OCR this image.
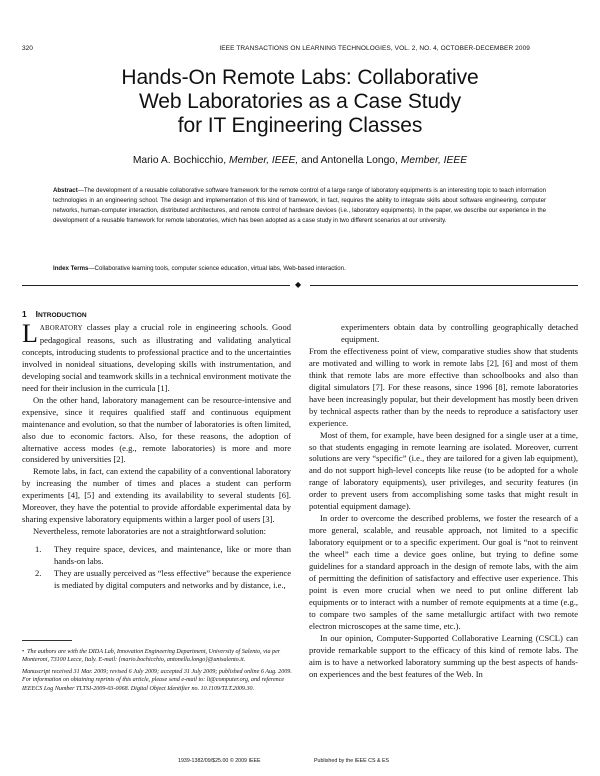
320	IEEE TRANSACTIONS ON LEARNING TECHNOLOGIES, VOL. 2, NO. 4, OCTOBER-DECEMBER 2009
Hands-On Remote Labs: Collaborative
Web Laboratories as a Case Study
for IT Engineering Classes
Mario A. Bochicchio, Member, IEEE, and Antonella Longo, Member, IEEE
Abstract—The development of a reusable collaborative software framework for the remote control of a large range of laboratory equipments is an interesting topic to teach information technologies in an engineering school. The design and implementation of this kind of framework, in fact, requires the ability to integrate skills about software engineering, computer networks, human-computer interaction, distributed architectures, and remote control of hardware devices (i.e., laboratory equipments). In the paper, we describe our experience in the development of a reusable framework for remote laboratories, which has been adopted as a case study in two different scenarios at our university.
Index Terms—Collaborative learning tools, computer science education, virtual labs, Web-based interaction.
◆
1 INTRODUCTION

LABORATORY classes play a crucial role in engineering schools. Good pedagogical reasons, such as illustrating and validating analytical concepts, introducing students to professional practice and to the uncertainties involved in nonideal situations, developing skills with instrumentation, and developing social and teamwork skills in a technical environment motivate the need for their inclusion in the curricula [1].

On the other hand, laboratory management can be resource-intensive and expensive, since it requires qualified staff and continuous equipment maintenance and evolution, so that the number of laboratories is often limited, also due to economic factors. Also, for these reasons, the adoption of alternative access modes (e.g., remote laboratories) is more and more considered by universities [2].

Remote labs, in fact, can extend the capability of a conventional laboratory by increasing the number of times and places a student can perform experiments [4], [5] and extending its availability to several students [6]. Moreover, they have the potential to provide affordable experimental data by sharing expensive laboratory equipments within a larger pool of users [3].

Nevertheless, remote laboratories are not a straightforward solution:

1.	They require space, devices, and maintenance, like or more than hands-on labs.
2.	They are usually perceived as “less effective” because the experience is mediated by digital computers and networks and by distance, i.e.,

• The authors are with the DIDA Lab, Innovation Engineering Department, University of Salento, via per Monteroni, 73100 Lecce, Italy. E-mail: {mario.bochicchio, antonella.longo}@unisalento.it.

Manuscript received 31 Mar. 2009; revised 6 July 2009; accepted 31 July 2009; published online 6 Aug. 2009.

For information on obtaining reprints of this article, please send e-mail to: lt@computer.org, and reference IEEECS Log Number TLTSI-2009-03-0068. Digital Object Identifier no. 10.1109/TLT.2009.30.

experimenters obtain data by controlling geographically detached equipment.

From the effectiveness point of view, comparative studies show that students are motivated and willing to work in remote labs [2], [6] and most of them think that remote labs are more effective than schoolbooks and also than digital simulators [7]. For these reasons, since 1996 [8], remote laboratories have been increasingly popular, but their development has mostly been driven by technical aspects rather than by the needs to reproduce a satisfactory user experience.

Most of them, for example, have been designed for a single user at a time, so that students engaging in remote learning are isolated. Moreover, current solutions are very “specific” (i.e., they are tailored for a given lab equipment), and do not support high-level concepts like reuse (to be adopted for a whole range of laboratory equipments), user privileges, and security features (in order to prevent users from accomplishing some tasks that might result in potential equipment damage).

In order to overcome the described problems, we foster the research of a more general, scalable, and reusable approach, not limited to a specific laboratory equipment or to a specific experiment. Our goal is “not to reinvent the wheel” each time a device goes online, but trying to define some guidelines for a standard approach in the design of remote labs, with the aim of permitting the definition of satisfactory and effective user experience. This point is even more crucial when we need to put online different lab equipments or to interact with a number of remote equipments at a time (e.g., to compare two samples of the same metallurgic artifact with two remote electron microscopes at the same time, etc.).

In our opinion, Computer-Supported Collaborative Learning (CSCL) can provide remarkable support to the efficacy of this kind of remote labs. The aim is to have a networked laboratory summing up the best aspects of hands-on experiences and the best features of the Web. In

1939-1382/09/$25.00 © 2009 IEEE	Published by the IEEE CS & ES
